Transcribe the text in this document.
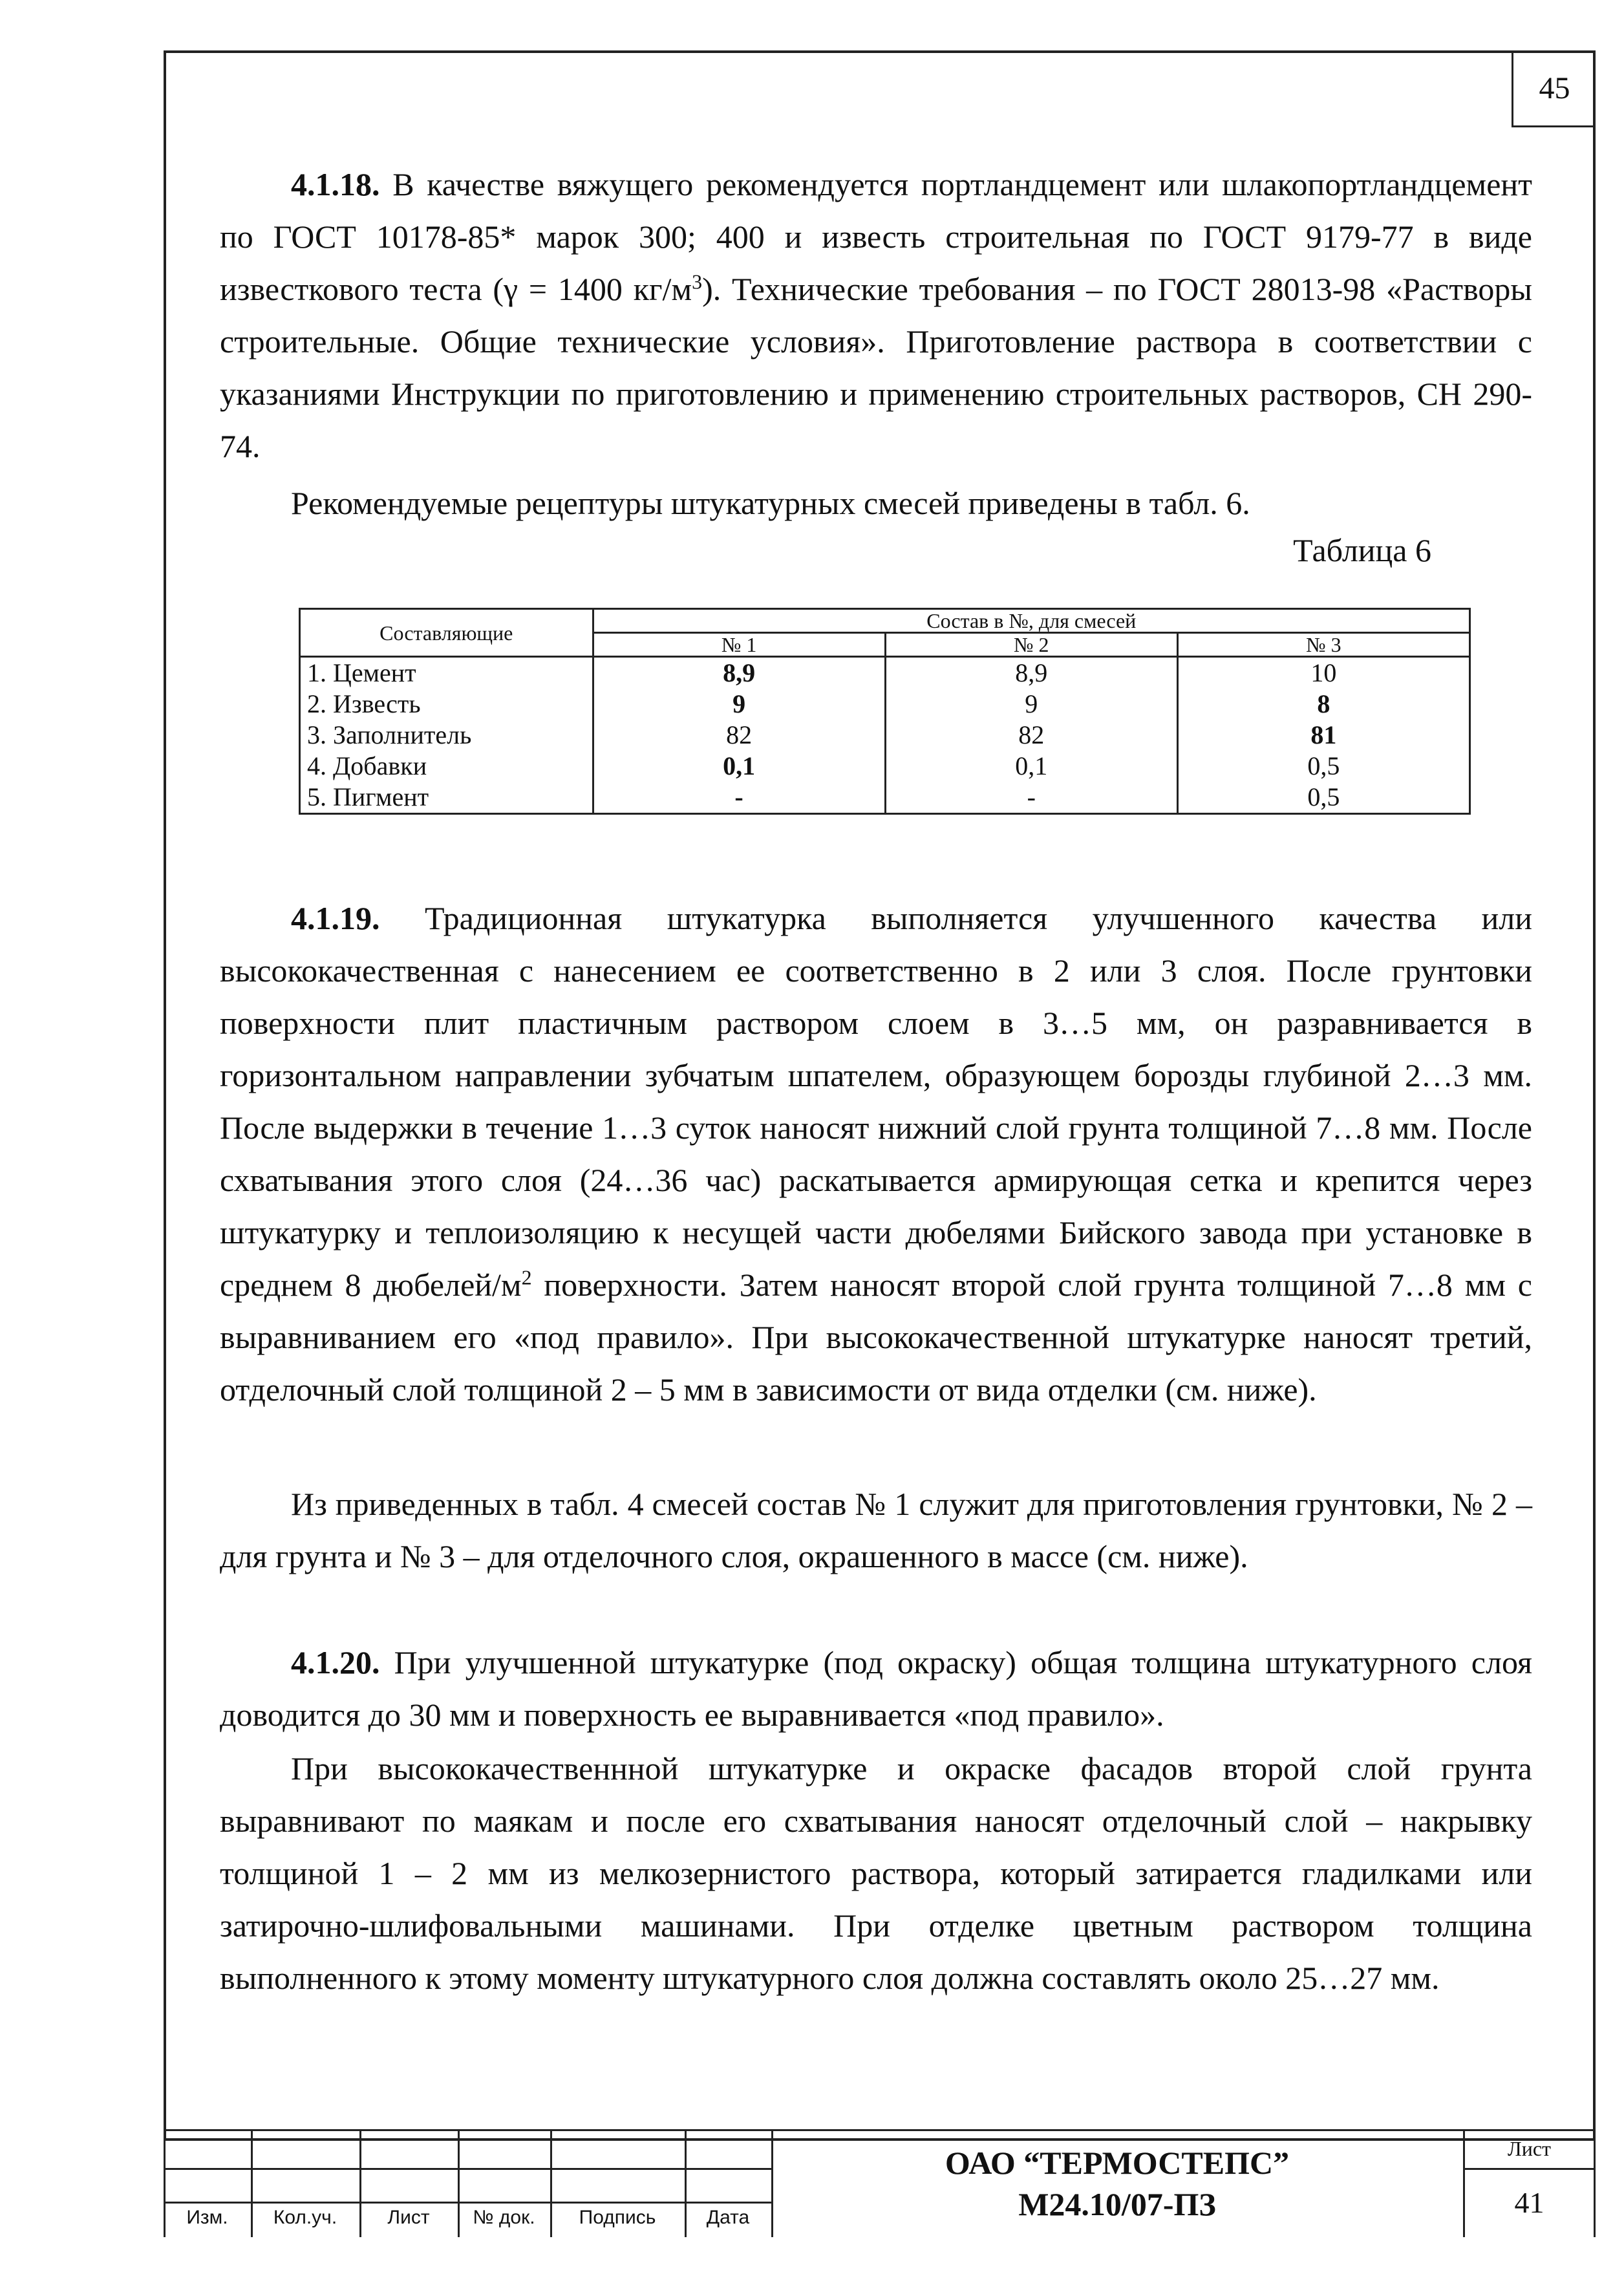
45

4.1.18. В качестве вяжущего рекомендуется портландцемент или шлакопортландцемент по ГОСТ 10178-85* марок 300; 400 и известь строительная по ГОСТ 9179-77 в виде известкового теста (γ = 1400 $кг/м^3$). Технические требования – по ГОСТ 28013-98 «Растворы строительные. Общие технические условия». Приготовление раствора в соответствии с указаниями Инструкции по приготовлению и применению строительных растворов, СН 290-74.

Рекомендуемые рецептуры штукатурных смесей приведены в табл. 6.

Таблица 6
Составляющие	Состав в №, для смесей		
	№ 1	№ 2	№ 3
1. Цемент	8,9	8,9	10
2. Известь	9	9	8
3. Заполнитель	82	82	81
4. Добавки	0,1	0,1	0,5
5. Пигмент	-	-	0,5

4.1.19. Традиционная штукатурка выполняется улучшенного качества или высококачественная с нанесением ее соответственно в 2 или 3 слоя. После грунтовки поверхности плит пластичным раствором слоем в 3…5 мм, он разравнивается в горизонтальном направлении зубчатым шпателем, образующем борозды глубиной 2…3 мм. После выдержки в течение 1…3 суток наносят нижний слой грунта толщиной 7…8 мм. После схватывания этого слоя (24…36 час) раскатывается армирующая сетка и крепится через штукатурку и теплоизоляцию к несущей части дюбелями Бийского завода при установке в среднем 8 дюбелей/$м^2$ поверхности. Затем наносят второй слой грунта толщиной 7…8 мм с выравниванием его «под правило». При высококачественной штукатурке наносят третий, отделочный слой толщиной 2 – 5 мм в зависимости от вида отделки (см. ниже).

Из приведенных в табл. 4 смесей состав № 1 служит для приготовления грунтовки, № 2 – для грунта и № 3 – для отделочного слоя, окрашенного в массе (см. ниже).

4.1.20. При улучшенной штукатурке (под окраску) общая толщина штукатурного слоя доводится до 30 мм и поверхность ее выравнивается «под правило».

При высококачественнной штукатурке и окраске фасадов второй слой грунта выравнивают по маякам и после его схватывания наносят отделочный слой – накрывку толщиной 1 – 2 мм из мелкозернистого раствора, который затирается гладилками или затирочно-шлифовальными машинами. При отделке цветным раствором толщина выполненного к этому моменту штукатурного слоя должна составлять около 25…27 мм.

Изм.	Кол.уч.	Лист	№ док.	Подпись	Дата
ОАО “ТЕРМОСТЕПС”
М24.10/07-ПЗ
Лист
41
